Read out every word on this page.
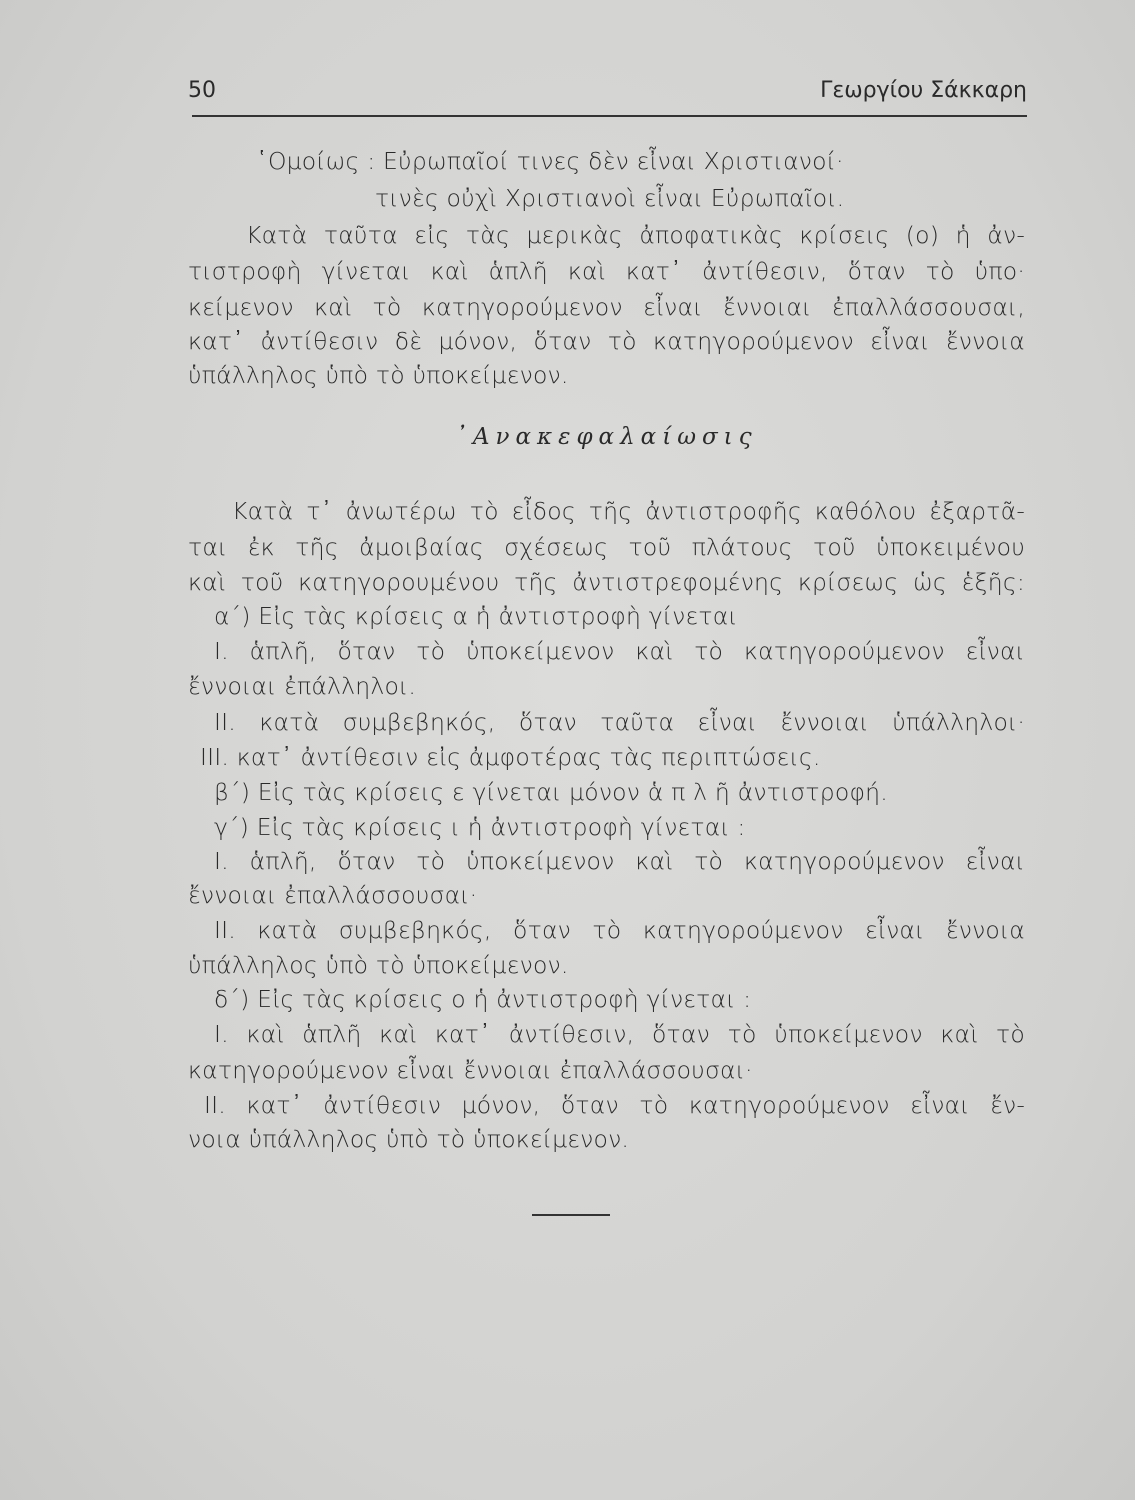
50	Γεωργίου Σάκκαρη
῾Ομοίως : Εὐρωπαῖοί τινες δὲν εἶναι Χριστιανοί·
τινὲς οὐχὶ Χριστιανοὶ εἶναι Εὐρωπαῖοι.
Κατὰ ταῦτα εἰς τὰς μερικὰς ἀποφατικὰς κρίσεις (ο) ἡ ἀν-
τιστροφὴ γίνεται καὶ ἁπλῆ καὶ κατ᾿ ἀντίθεσιν, ὅταν τὸ ὑπο·
κείμενον καὶ τὸ κατηγορούμενον εἶναι ἔννοιαι ἐπαλλάσσουσαι,
κατ᾿ ἀντίθεσιν δὲ μόνον, ὅταν τὸ κατηγορούμενον εἶναι ἔννοια
ὑπάλληλος ὑπὸ τὸ ὑποκείμενον.
᾿Ανακεφαλαίωσις
Κατὰ τ᾿ ἀνωτέρω τὸ εἶδος τῆς ἀντιστροφῆς καθόλου ἐξαρτᾶ-
ται ἐκ τῆς ἀμοιβαίας σχέσεως τοῦ πλάτους τοῦ ὑποκειμένου
καὶ τοῦ κατηγορουμένου τῆς ἀντιστρεφομένης κρίσεως ὡς ἑξῆς:
α´) Εἰς τὰς κρίσεις α ἡ ἀντιστροφὴ γίνεται
I. ἁπλῆ, ὅταν τὸ ὑποκείμενον καὶ τὸ κατηγορούμενον εἶναι
ἔννοιαι ἐπάλληλοι.
II. κατὰ συμβεβηκός, ὅταν ταῦτα εἶναι ἔννοιαι ὑπάλληλοι·
III. κατ᾿ ἀντίθεσιν εἰς ἀμφοτέρας τὰς περιπτώσεις.
β´) Εἰς τὰς κρίσεις ε γίνεται μόνον ἁ π λ ῆ ἀντιστροφή.
γ´) Εἰς τὰς κρίσεις ι ἡ ἀντιστροφὴ γίνεται :
I. ἁπλῆ, ὅταν τὸ ὑποκείμενον καὶ τὸ κατηγορούμενον εἶναι
ἔννοιαι ἐπαλλάσσουσαι·
II. κατὰ συμβεβηκός, ὅταν τὸ κατηγορούμενον εἶναι ἔννοια
ὑπάλληλος ὑπὸ τὸ ὑποκείμενον.
δ´) Εἰς τὰς κρίσεις ο ἡ ἀντιστροφὴ γίνεται :
I. καὶ ἁπλῆ καὶ κατ᾿ ἀντίθεσιν, ὅταν τὸ ὑποκείμενον καὶ τὸ
κατηγορούμενον εἶναι ἔννοιαι ἐπαλλάσσουσαι·
II. κατ᾿ ἀντίθεσιν μόνον, ὅταν τὸ κατηγορούμενον εἶναι ἔν-
νοια ὑπάλληλος ὑπὸ τὸ ὑποκείμενον.
